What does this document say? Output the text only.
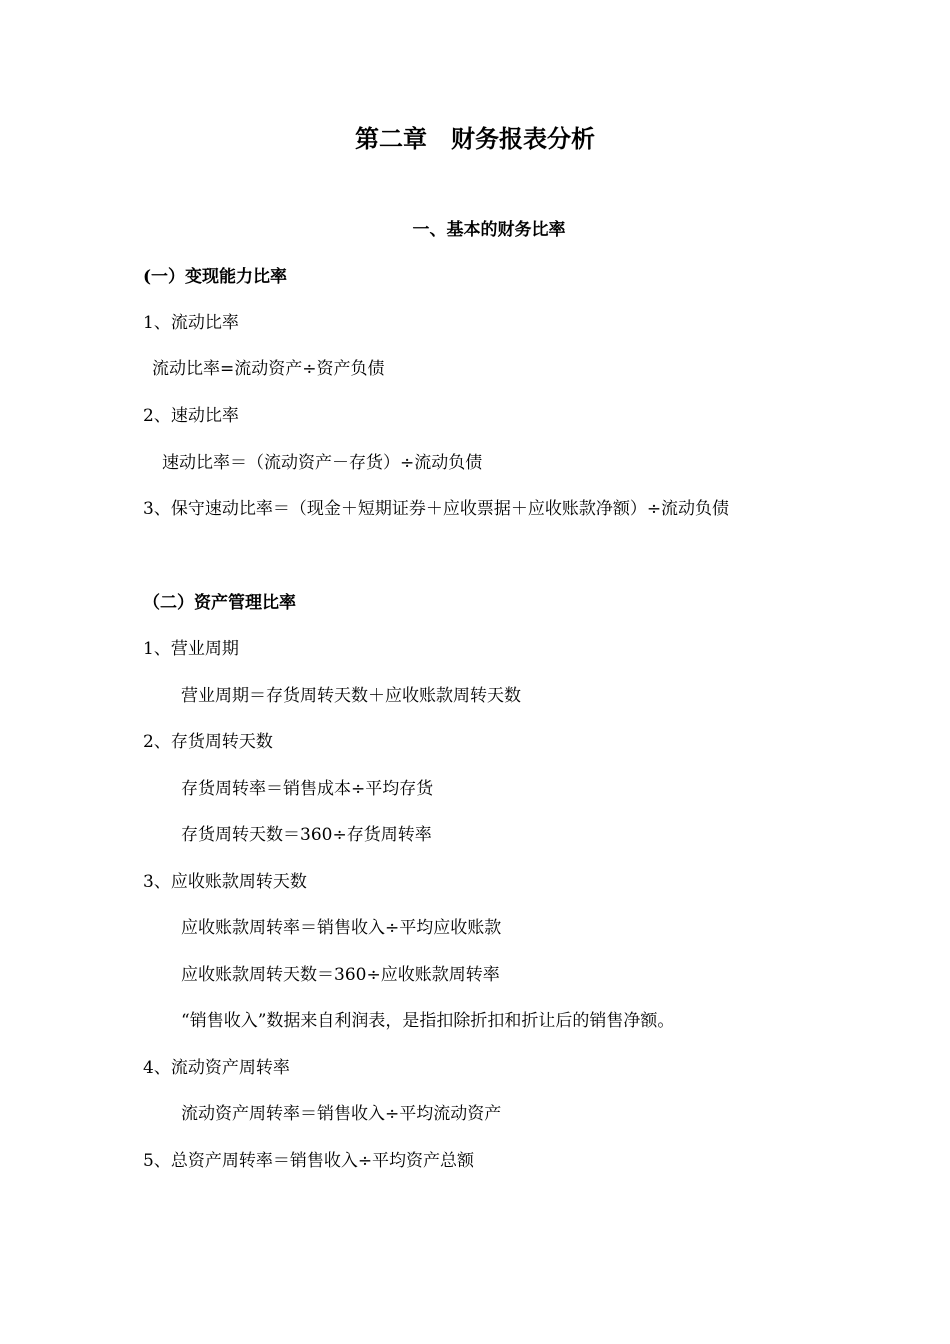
第二章　财务报表分析
一、基本的财务比率
(一）变现能力比率
1、流动比率
流动比率=流动资产÷资产负债
2、速动比率
速动比率＝（流动资产－存货）÷流动负债
3、保守速动比率＝（现金＋短期证券＋应收票据＋应收账款净额）÷流动负债
（二）资产管理比率
1、营业周期
营业周期＝存货周转天数＋应收账款周转天数
2、存货周转天数
存货周转率＝销售成本÷平均存货
存货周转天数＝360÷存货周转率
3、应收账款周转天数
应收账款周转率＝销售收入÷平均应收账款
应收账款周转天数＝360÷应收账款周转率
“销售收入”数据来自利润表，是指扣除折扣和折让后的销售净额。
4、流动资产周转率
流动资产周转率＝销售收入÷平均流动资产
5、总资产周转率＝销售收入÷平均资产总额
